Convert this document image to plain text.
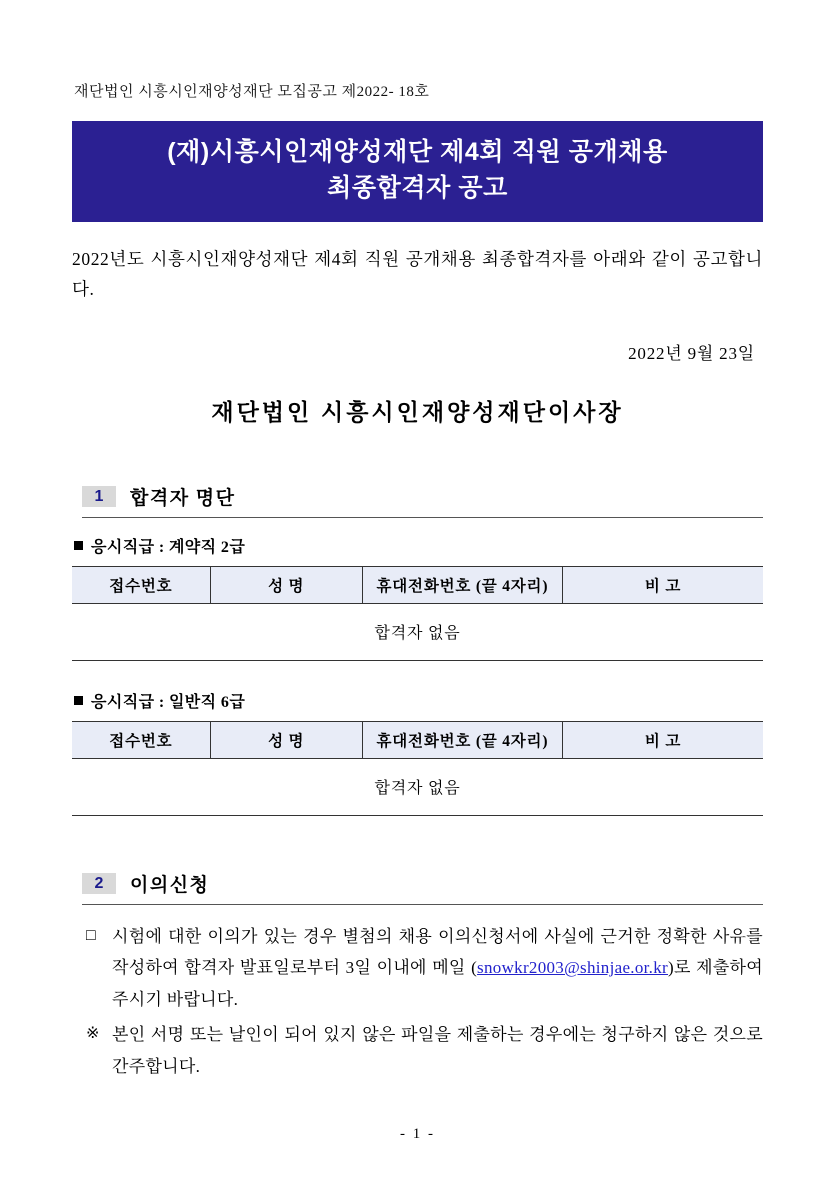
재단법인 시흥시인재양성재단 모집공고 제2022- 18호
(재)시흥시인재양성재단 제4회 직원 공개채용
최종합격자 공고

2022년도 시흥시인재양성재단 제4회 직원 공개채용 최종합격자를 아래와 같이 공고합니다.

2022년 9월 23일
재단법인 시흥시인재양성재단이사장
1	합격자 명단
응시직급 : 계약직 2급
접수번호	성 명	휴대전화번호 (끝 4자리)	비 고
합격자 없음
응시직급 : 일반직 6급
접수번호	성 명	휴대전화번호 (끝 4자리)	비 고
합격자 없음
2	이의신청
□ 시험에 대한 이의가 있는 경우 별첨의 채용 이의신청서에 사실에 근거한 정확한 사유를 작성하여 합격자 발표일로부터 3일 이내에 메일 (snowkr2003@shinjae.or.kr)로 제출하여 주시기 바랍니다.
※ 본인 서명 또는 날인이 되어 있지 않은 파일을 제출하는 경우에는 청구하지 않은 것으로 간주합니다.
- 1 -
